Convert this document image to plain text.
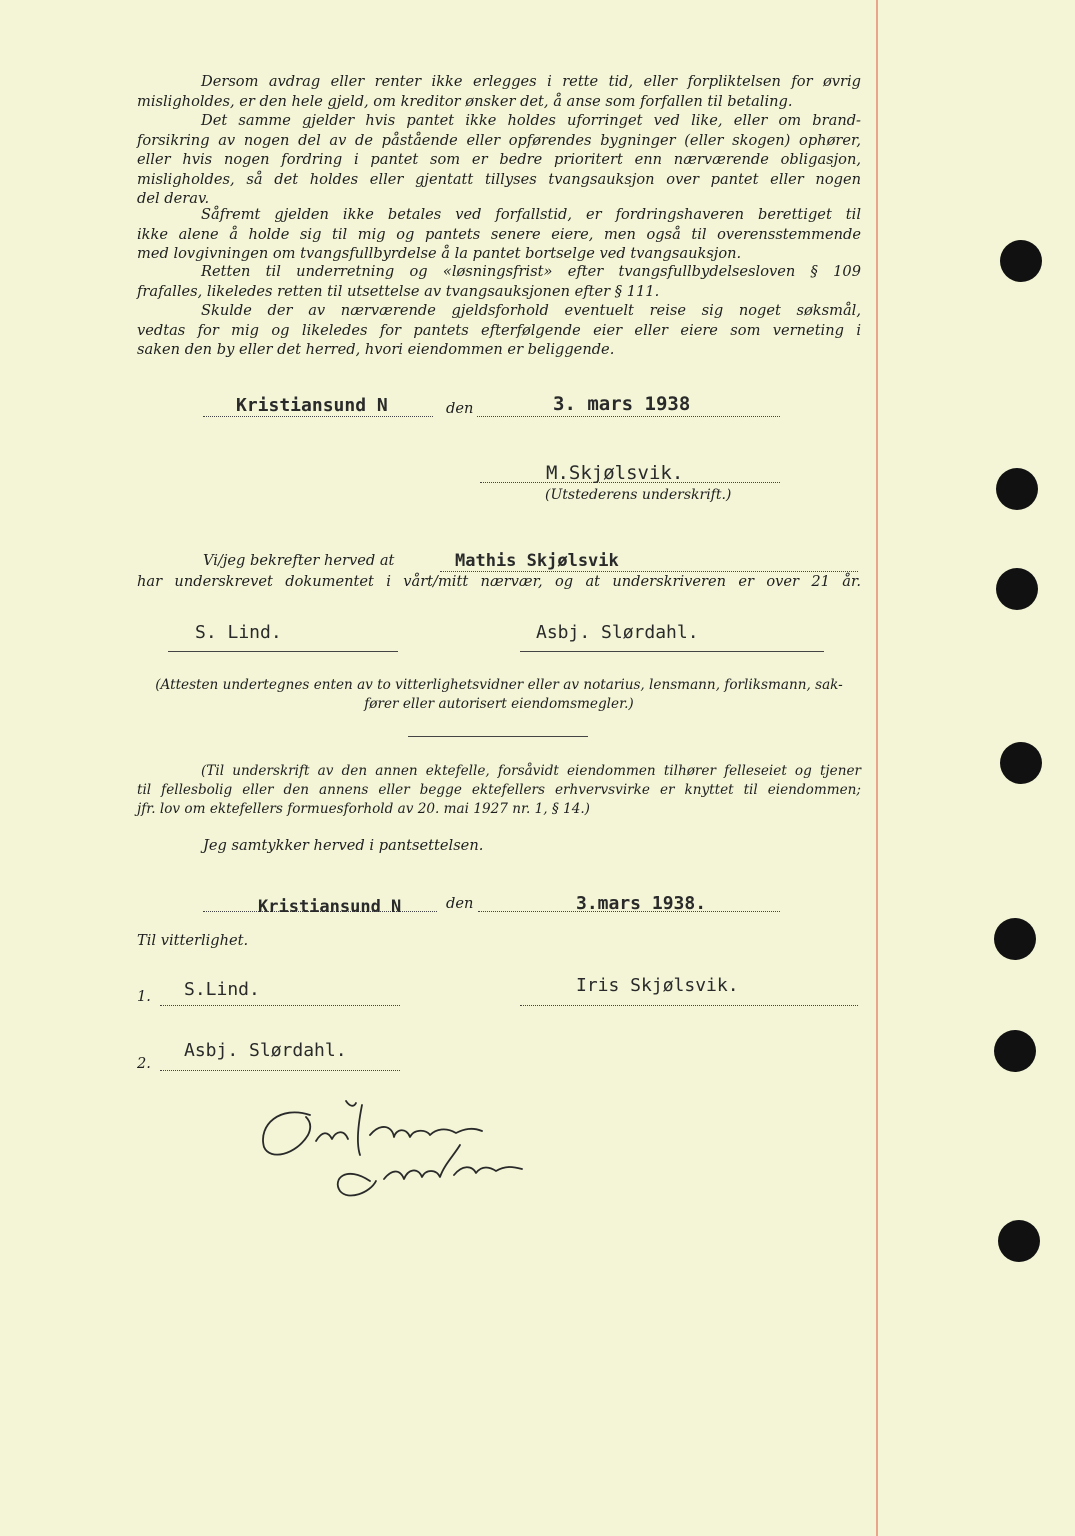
Dersom avdrag eller renter ikke erlegges i rette tid, eller forpliktelsen for øvrig

misligholdes, er den hele gjeld, om kreditor ønsker det, å anse som forfallen til betaling.

Det samme gjelder hvis pantet ikke holdes uforringet ved like, eller om brand-

forsikring av nogen del av de påstående eller opførendes bygninger (eller skogen) ophører,

eller hvis nogen fordring i pantet som er bedre prioritert enn nærværende obligasjon,

misligholdes, så det holdes eller gjentatt tillyses tvangsauksjon over pantet eller nogen

del derav.

Såfremt gjelden ikke betales ved forfallstid, er fordringshaveren berettiget til

ikke alene å holde sig til mig og pantets senere eiere, men også til overensstemmende

med lovgivningen om tvangsfullbyrdelse å la pantet bortselge ved tvangsauksjon.

Retten til underretning og «løsningsfrist» efter tvangsfullbydelsesloven § 109

frafalles, likeledes retten til utsettelse av tvangsauksjonen efter § 111.

Skulde der av nærværende gjeldsforhold eventuelt reise sig noget søksmål,

vedtas for mig og likeledes for pantets efterfølgende eier eller eiere som verneting i

saken den by eller det herred, hvori eiendommen er beliggende.

Kristiansund N	den	3. mars 1938
M.Skjølsvik.
(Utstederens underskrift.)
Vi/jeg bekrefter herved at	Mathis Skjølsvik
har underskrevet dokumentet i vårt/mitt nærvær, og at underskriveren er over 21 år.
S. Lind.	Asbj. Slørdahl.
(Attesten undertegnes enten av to vitterlighetsvidner eller av notarius, lensmann, forliksmann, sak-
fører eller autorisert eiendomsmegler.)

(Til underskrift av den annen ektefelle, forsåvidt eiendommen tilhører felleseiet og tjener

til fellesbolig eller den annens eller begge ektefellers erhvervsvirke er knyttet til eiendommen;

jfr. lov om ektefellers formuesforhold av 20. mai 1927 nr. 1, § 14.)

Jeg samtykker herved i pantsettelsen.
Kristiansund N	den	3.mars 1938.
Til vitterlighet.
1. S.Lind.	Iris Skjølsvik.
2.
Asbj. Slørdahl.
